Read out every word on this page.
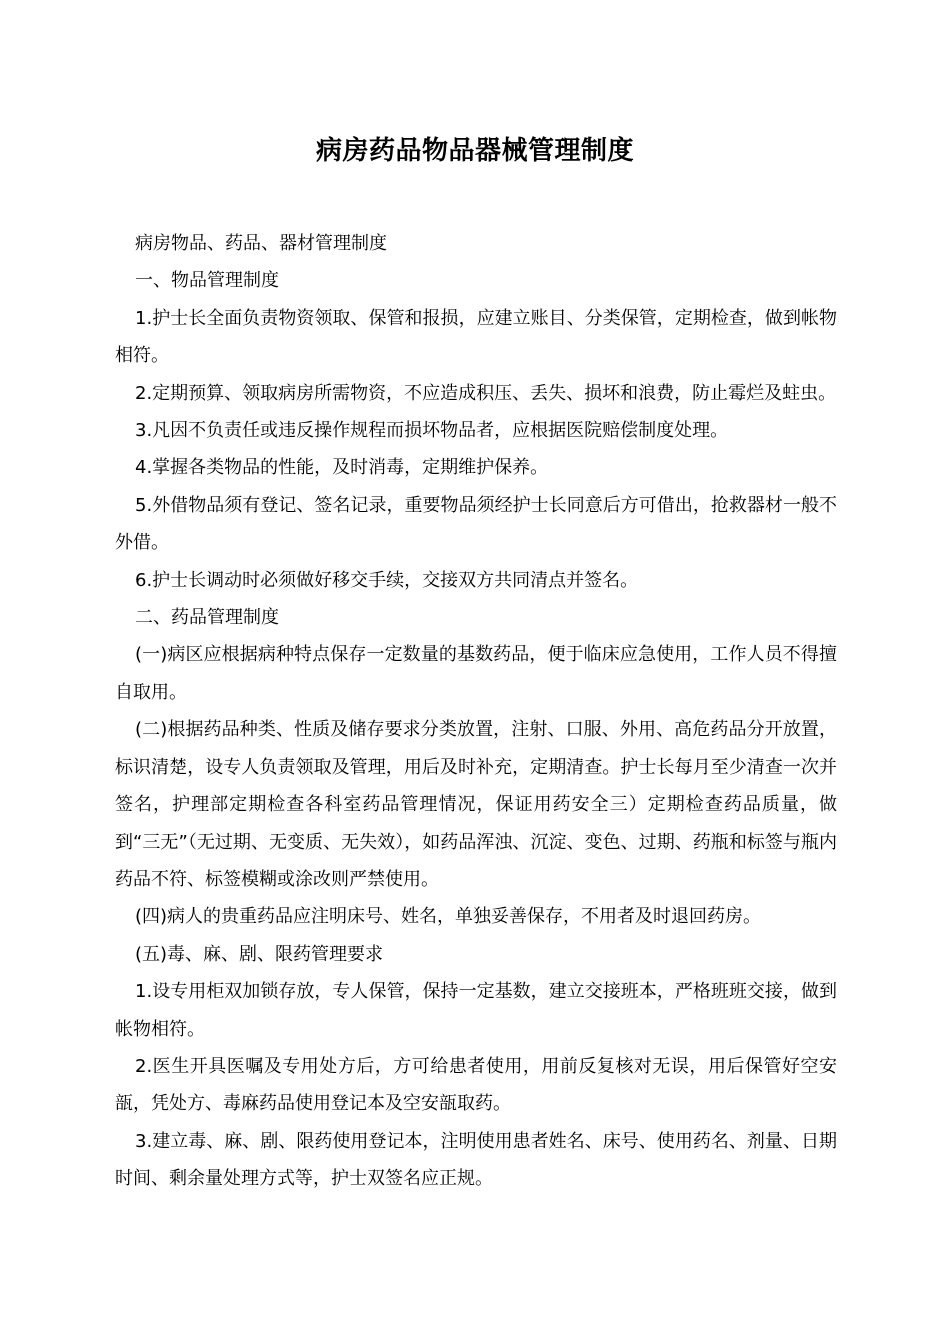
病房药品物品器械管理制度

病房物品、药品、器材管理制度

一、物品管理制度

1.护士长全面负责物资领取、保管和报损，应建立账目、分类保管，定期检查，做到帐物相符。

2.定期预算、领取病房所需物资，不应造成积压、丢失、损坏和浪费，防止霉烂及蛀虫。

3.凡因不负责任或违反操作规程而损坏物品者，应根据医院赔偿制度处理。

4.掌握各类物品的性能，及时消毒，定期维护保养。

5.外借物品须有登记、签名记录，重要物品须经护士长同意后方可借出，抢救器材一般不外借。

6.护士长调动时必须做好移交手续，交接双方共同清点并签名。

二、药品管理制度

(一)病区应根据病种特点保存一定数量的基数药品，便于临床应急使用，工作人员不得擅自取用。

(二)根据药品种类、性质及储存要求分类放置，注射、口服、外用、高危药品分开放置，标识清楚，设专人负责领取及管理，用后及时补充，定期清查。护士长每月至少清查一次并签名，护理部定期检查各科室药品管理情况，保证用药安全三）定期检查药品质量，做到“三无”（无过期、无变质、无失效），如药品浑浊、沉淀、变色、过期、药瓶和标签与瓶内药品不符、标签模糊或涂改则严禁使用。

(四)病人的贵重药品应注明床号、姓名，单独妥善保存，不用者及时退回药房。

(五)毒、麻、剧、限药管理要求

1.设专用柜双加锁存放，专人保管，保持一定基数，建立交接班本，严格班班交接，做到帐物相符。

2.医生开具医嘱及专用处方后，方可给患者使用，用前反复核对无误，用后保管好空安瓿，凭处方、毒麻药品使用登记本及空安瓿取药。

3.建立毒、麻、剧、限药使用登记本，注明使用患者姓名、床号、使用药名、剂量、日期时间、剩余量处理方式等，护士双签名应正规。
